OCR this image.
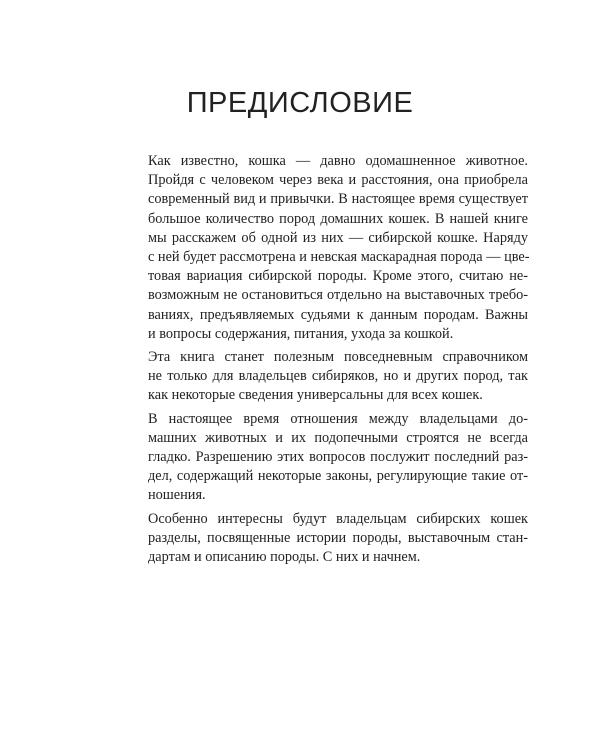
ПРЕДИСЛОВИЕ

Как известно, кошка — давно одомашненное животное.
Пройдя с человеком через века и расстояния, она приобрела
современный вид и привычки. В настоящее время существует
большое количество пород домашних кошек. В нашей книге
мы расскажем об одной из них — сибирской кошке. Наряду
с ней будет рассмотрена и невская маскарадная порода — цве-
товая вариация сибирской породы. Кроме этого, считаю не-
возможным не остановиться отдельно на выставочных требо-
ваниях, предъявляемых судьями к данным породам. Важны
и вопросы содержания, питания, ухода за кошкой.

Эта книга станет полезным повседневным справочником
не только для владельцев сибиряков, но и других пород, так
как некоторые сведения универсальны для всех кошек.

В настоящее время отношения между владельцами до-
машних животных и их подопечными строятся не всегда
гладко. Разрешению этих вопросов послужит последний раз-
дел, содержащий некоторые законы, регулирующие такие от-
ношения.

Особенно интересны будут владельцам сибирских кошек
разделы, посвященные истории породы, выставочным стан-
дартам и описанию породы. С них и начнем.
